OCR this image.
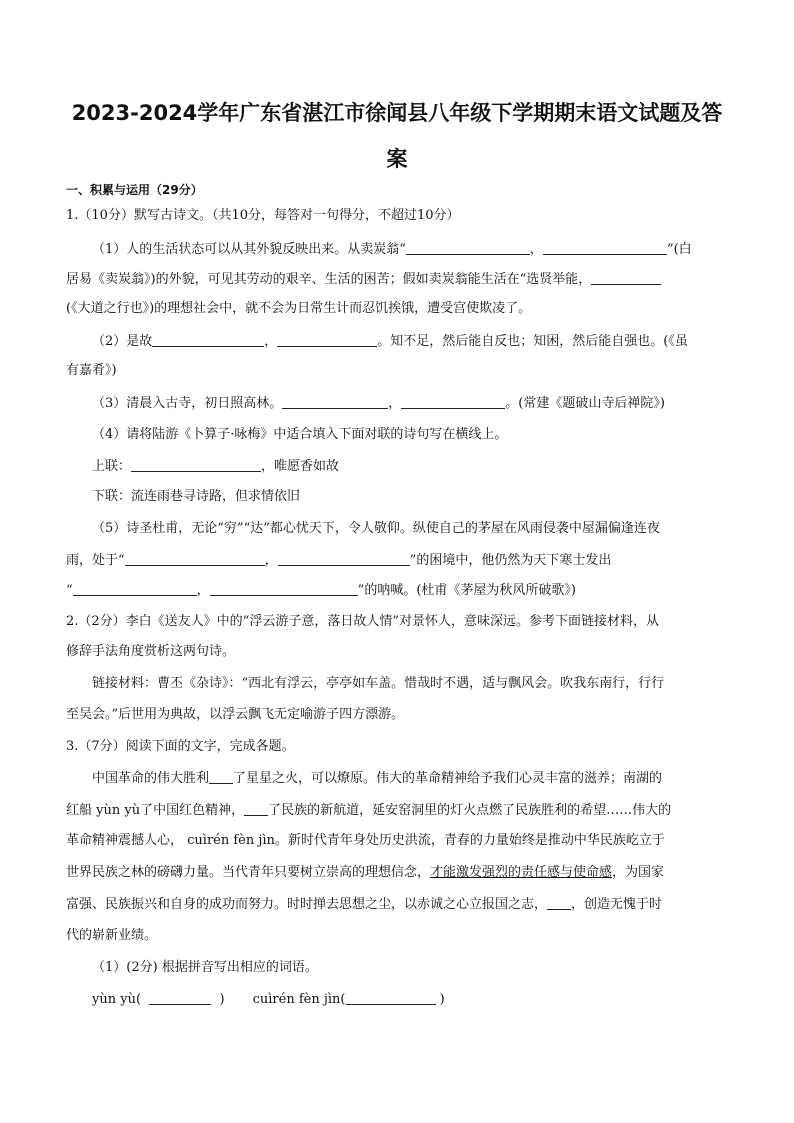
2023-2024学年广东省湛江市徐闻县八年级下学期期末语文试题及答
案
一、积累与运用（29分）
1.（10分）默写古诗文。（共10分，每答对一句得分，不超过10分）
（1）人的生活状态可以从其外貌反映出来。从卖炭翁“	，	”(白
居易《卖炭翁》)的外貌，可见其劳动的艰辛、生活的困苦；假如卖炭翁能生活在“选贤举能，
(《大道之行也》)的理想社会中，就不会为日常生计而忍饥挨饿，遭受宫使欺凌了。
（2）是故	，	。知不足，然后能自反也；知困，然后能自强也。(《虽
有嘉肴》)
（3）清晨入古寺，初日照高林。	，	。(常建《题破山寺后禅院》)
（4）请将陆游《卜算子·咏梅》中适合填入下面对联的诗句写在横线上。
上联：	，唯愿香如故
下联：流连雨巷寻诗路，但求情依旧
（5）诗圣杜甫，无论“穷”“达”都心忧天下，令人敬仰。纵使自己的茅屋在风雨侵袭中屋漏偏逢连夜
雨，处于“	，	”的困境中，他仍然为天下寒士发出
“	，	”的呐喊。(杜甫《茅屋为秋风所破歌》)
2.（2分）李白《送友人》中的“浮云游子意，落日故人情”对景怀人，意味深远。参考下面链接材料，从
修辞手法角度赏析这两句诗。
链接材料：曹丕《杂诗》：“西北有浮云，亭亭如车盖。惜哉时不遇，适与飘风会。吹我东南行，行行
至吴会。”后世用为典故，以浮云飘飞无定喻游子四方漂游。
3.（7分）阅读下面的文字，完成各题。
中国革命的伟大胜利 了星星之火，可以燎原。伟大的革命精神给予我们心灵丰富的滋养；南湖的
红船 yùn yù了中国红色精神， 了民族的新航道，延安窑洞里的灯火点燃了民族胜利的希望……伟大的
革命精神震撼人心， cuìrén fèn jìn。新时代青年身处历史洪流，青春的力量始终是推动中华民族屹立于
世界民族之林的磅礴力量。当代青年只要树立崇高的理想信念，才能激发强烈的责任感与使命感，为国家
富强、民族振兴和自身的成功而努力。时时掸去思想之尘，以赤诚之心立报国之志， ，创造无愧于时
代的崭新业绩。
（1）(2分) 根据拼音写出相应的词语。
yùn yù(	) cuìrén fèn jìn(	)
